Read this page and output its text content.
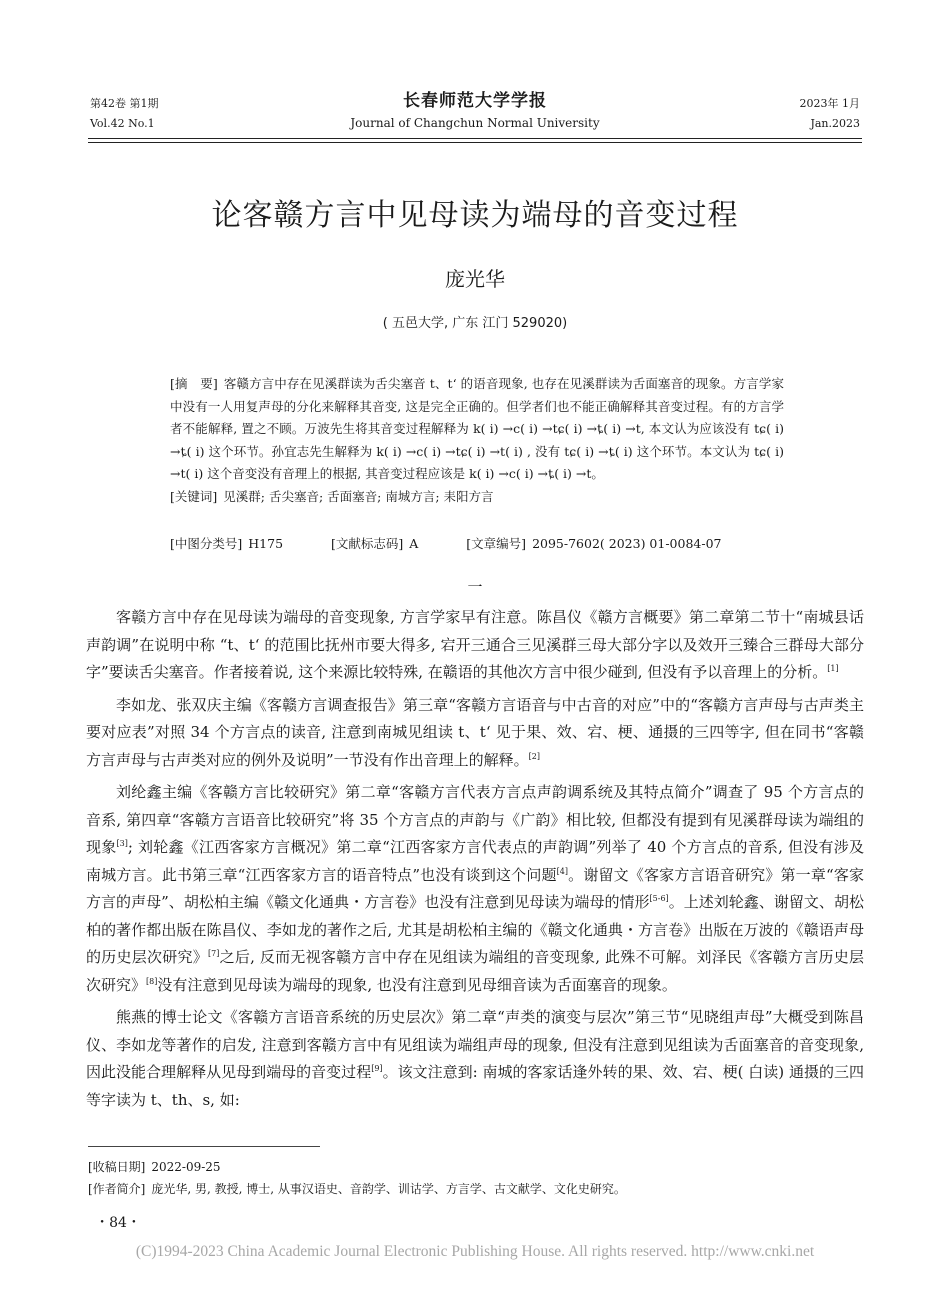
第42卷 第1期
Vol.42 No.1
长春师范大学学报
Journal of Changchun Normal University
2023年 1月
Jan.2023
论客赣方言中见母读为端母的音变过程
庞光华
( 五邑大学, 广东 江门 529020)

[摘　要] 客赣方言中存在见溪群读为舌尖塞音 t、tʻ 的语音现象, 也存在见溪群读为舌面塞音的现象。方言学家中没有一人用复声母的分化来解释其音变, 这是完全正确的。但学者们也不能正确解释其音变过程。有的方言学者不能解释, 置之不顾。万波先生将其音变过程解释为 k( i) →c( i) →tɕ( i) →ȶ( i) →t, 本文认为应该没有 tɕ( i) →ȶ( i) 这个环节。孙宜志先生解释为 k( i) →c( i) →tɕ( i) →t( i) , 没有 tɕ( i) →ȶ( i) 这个环节。本文认为 tɕ( i) →t( i) 这个音变没有音理上的根据, 其音变过程应该是 k( i) →c( i) →ȶ( i) →t。

[关键词] 见溪群; 舌尖塞音; 舌面塞音; 南城方言; 耒阳方言

[中图分类号] H175	[文献标志码] A	[文章编号] 2095-7602( 2023) 01-0084-07
一

客赣方言中存在见母读为端母的音变现象, 方言学家早有注意。陈昌仪《赣方言概要》第二章第二节十“南城县话声韵调”在说明中称 “t、tʻ 的范围比抚州市要大得多, 宕开三通合三见溪群三母大部分字以及效开三臻合三群母大部分字”要读舌尖塞音。作者接着说, 这个来源比较特殊, 在赣语的其他次方言中很少碰到, 但没有予以音理上的分析。[1]

李如龙、张双庆主编《客赣方言调查报告》第三章“客赣方言语音与中古音的对应”中的“客赣方言声母与古声类主要对应表”对照 34 个方言点的读音, 注意到南城见组读 t、tʻ 见于果、效、宕、梗、通摄的三四等字, 但在同书“客赣方言声母与古声类对应的例外及说明”一节没有作出音理上的解释。[2]

刘纶鑫主编《客赣方言比较研究》第二章“客赣方言代表方言点声韵调系统及其特点简介”调查了 95 个方言点的音系, 第四章“客赣方言语音比较研究”将 35 个方言点的声韵与《广韵》相比较, 但都没有提到有见溪群母读为端组的现象[3]; 刘轮鑫《江西客家方言概况》第二章“江西客家方言代表点的声韵调”列举了 40 个方言点的音系, 但没有涉及南城方言。此书第三章“江西客家方言的语音特点”也没有谈到这个问题[4]。谢留文《客家方言语音研究》第一章“客家方言的声母”、胡松柏主编《赣文化通典・方言卷》也没有注意到见母读为端母的情形[5-6]。上述刘轮鑫、谢留文、胡松柏的著作都出版在陈昌仪、李如龙的著作之后, 尤其是胡松柏主编的《赣文化通典・方言卷》出版在万波的《赣语声母的历史层次研究》[7]之后, 反而无视客赣方言中存在见组读为端组的音变现象, 此殊不可解。刘泽民《客赣方言历史层次研究》[8]没有注意到见母读为端母的现象, 也没有注意到见母细音读为舌面塞音的现象。

熊燕的博士论文《客赣方言语音系统的历史层次》第二章“声类的演变与层次”第三节“见晓组声母”大概受到陈昌仪、李如龙等著作的启发, 注意到客赣方言中有见组读为端组声母的现象, 但没有注意到见组读为舌面塞音的音变现象, 因此没能合理解释从见母到端母的音变过程[9]。该文注意到: 南城的客家话逢外转的果、效、宕、梗( 白读) 通摄的三四等字读为 t、th、s, 如:

[收稿日期] 2022-09-25
[作者简介] 庞光华, 男, 教授, 博士, 从事汉语史、音韵学、训诂学、方言学、古文献学、文化史研究。
・84・
(C)1994-2023 China Academic Journal Electronic Publishing House. All rights reserved. http://www.cnki.net
